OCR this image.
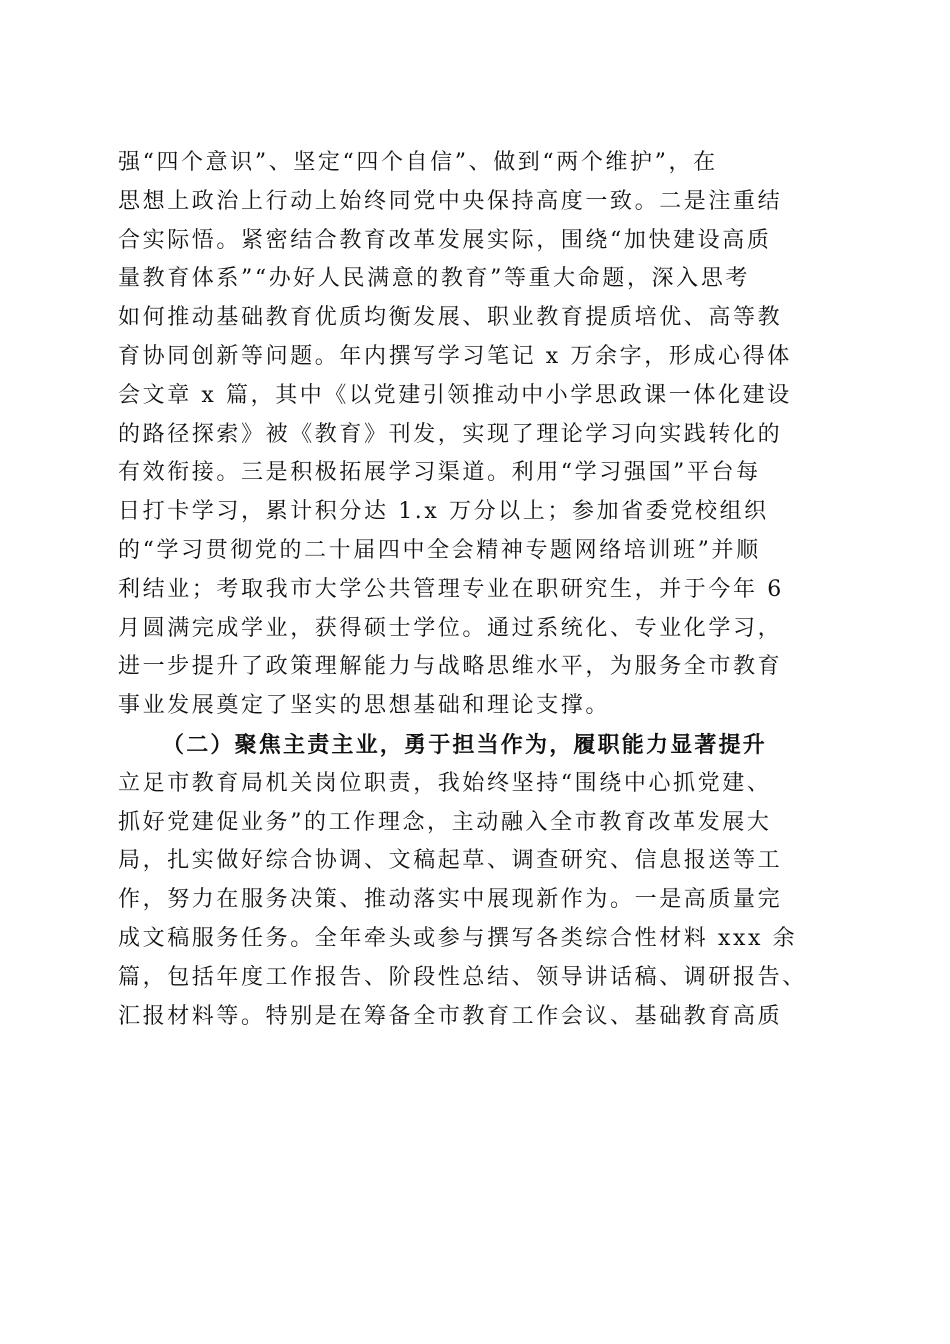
强“四个意识”、坚定“四个自信”、做到“两个维护”，在
思想上政治上行动上始终同党中央保持高度一致。二是注重结
合实际悟。紧密结合教育改革发展实际，围绕“加快建设高质
量教育体系”“办好人民满意的教育”等重大命题，深入思考
如何推动基础教育优质均衡发展、职业教育提质培优、高等教
育协同创新等问题。年内撰写学习笔记 x 万余字，形成心得体
会文章 x 篇，其中《以党建引领推动中小学思政课一体化建设
的路径探索》被《教育》刊发，实现了理论学习向实践转化的
有效衔接。三是积极拓展学习渠道。利用“学习强国”平台每
日打卡学习，累计积分达 1.x 万分以上；参加省委党校组织
的“学习贯彻党的二十届四中全会精神专题网络培训班”并顺
利结业；考取我市大学公共管理专业在职研究生，并于今年 6
月圆满完成学业，获得硕士学位。通过系统化、专业化学习，
进一步提升了政策理解能力与战略思维水平，为服务全市教育
事业发展奠定了坚实的思想基础和理论支撑。
（二）聚焦主责主业，勇于担当作为，履职能力显著提升
立足市教育局机关岗位职责，我始终坚持“围绕中心抓党建、
抓好党建促业务”的工作理念，主动融入全市教育改革发展大
局，扎实做好综合协调、文稿起草、调查研究、信息报送等工
作，努力在服务决策、推动落实中展现新作为。一是高质量完
成文稿服务任务。全年牵头或参与撰写各类综合性材料 xxx 余
篇，包括年度工作报告、阶段性总结、领导讲话稿、调研报告、
汇报材料等。特别是在筹备全市教育工作会议、基础教育高质
